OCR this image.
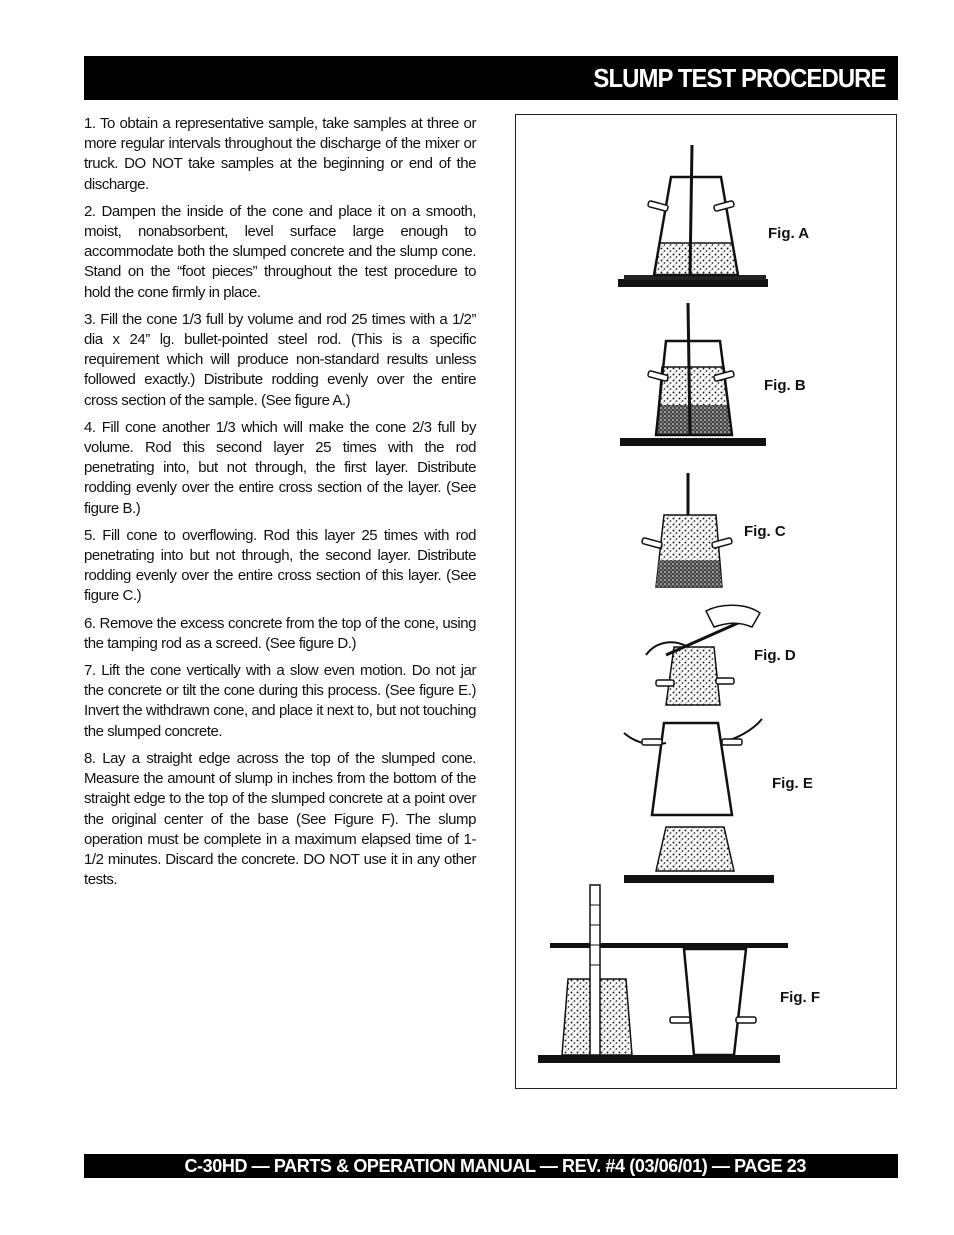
SLUMP TEST PROCEDURE

1. To obtain a representative sample, take samples at three or more regular intervals throughout the discharge of the mixer or truck. DO NOT take samples at the beginning or end of the discharge.

2. Dampen the inside of the cone and place it on a smooth, moist, nonabsorbent, level surface large enough to accommodate both the slumped concrete and the slump cone. Stand on the “foot pieces” throughout the test procedure to hold the cone firmly in place.

3. Fill the cone 1/3 full by volume and rod 25 times with a 1/2” dia x 24” lg. bullet-pointed steel rod. (This is a specific requirement which will produce non-standard results unless followed exactly.) Distribute rodding evenly over the entire cross section of the sample. (See figure A.)

4. Fill cone another 1/3 which will make the cone 2/3 full by volume. Rod this second layer 25 times with the rod penetrating into, but not through, the first layer. Distribute rodding evenly over the entire cross section of the layer. (See figure B.)

5. Fill cone to overflowing. Rod this layer 25 times with rod penetrating into but not through, the second layer. Distribute rodding evenly over the entire cross section of this layer. (See figure C.)

6. Remove the excess concrete from the top of the cone, using the tamping rod as a screed. (See figure D.)

7. Lift the cone vertically with a slow even motion. Do not jar the concrete or tilt the cone during this process. (See figure E.) Invert the withdrawn cone, and place it next to, but not touching the slumped concrete.

8. Lay a straight edge across the top of the slumped cone. Measure the amount of slump in inches from the bottom of the straight edge to the top of the slumped concrete at a point over the original center of the base (See Figure F). The slump operation must be complete in a maximum elapsed time of 1-1/2 minutes. Discard the concrete. DO NOT use it in any other tests.

Fig. A
Fig. B
Fig. C
Fig. D
Fig. E
Fig. F
C-30HD — PARTS & OPERATION MANUAL — REV. #4 (03/06/01) — PAGE 23
